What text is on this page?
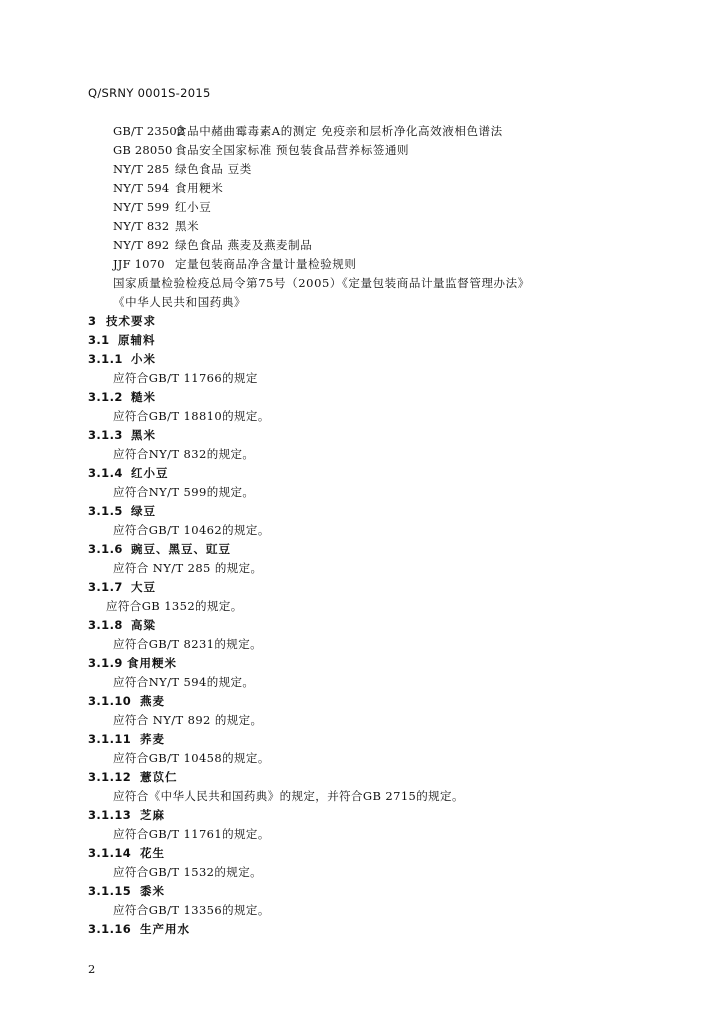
Q/SRNY 0001S-2015
GB/T 23502食品中赭曲霉毒素A的测定 免疫亲和层析净化高效液相色谱法
GB 28050 食品安全国家标准 预包装食品营养标签通则
NY/T 285 绿色食品 豆类
NY/T 594 食用粳米
NY/T 599 红小豆
NY/T 832 黑米
NY/T 892 绿色食品 燕麦及燕麦制品
JJF 1070 定量包装商品净含量计量检验规则
国家质量检验检疫总局令第75号（2005）《定量包装商品计量监督管理办法》
《中华人民共和国药典》
3 技术要求
3.1 原辅料
3.1.1 小米
应符合GB/T 11766的规定
3.1.2 糙米
应符合GB/T 18810的规定。
3.1.3 黑米
应符合NY/T 832的规定。
3.1.4 红小豆
应符合NY/T 599的规定。
3.1.5 绿豆
应符合GB/T 10462的规定。
3.1.6 豌豆、黑豆、豇豆
应符合 NY/T 285 的规定。
3.1.7 大豆
应符合GB 1352的规定。
3.1.8 高粱
应符合GB/T 8231的规定。
3.1.9 食用粳米
应符合NY/T 594的规定。
3.1.10 燕麦
应符合 NY/T 892 的规定。
3.1.11 荞麦
应符合GB/T 10458的规定。
3.1.12 薏苡仁
应符合《中华人民共和国药典》的规定，并符合GB 2715的规定。
3.1.13 芝麻
应符合GB/T 11761的规定。
3.1.14 花生
应符合GB/T 1532的规定。
3.1.15 黍米
应符合GB/T 13356的规定。
3.1.16 生产用水
2
